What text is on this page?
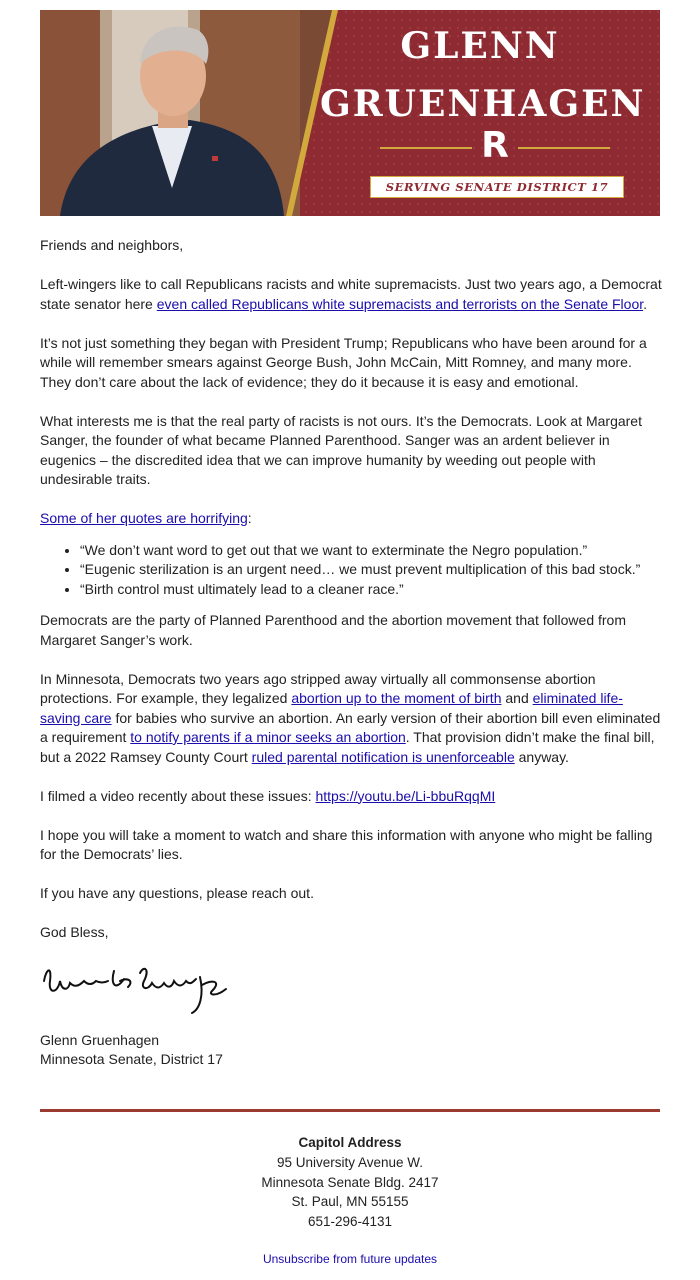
GLENN
GRUENHAGEN
R
SERVING SENATE DISTRICT 17

Friends and neighbors,

Left-wingers like to call Republicans racists and white supremacists. Just two years ago, a Democrat state senator here even called Republicans white supremacists and terrorists on the Senate Floor.

It’s not just something they began with President Trump; Republicans who have been around for a while will remember smears against George Bush, John McCain, Mitt Romney, and many more. They don’t care about the lack of evidence; they do it because it is easy and emotional.

What interests me is that the real party of racists is not ours. It’s the Democrats. Look at Margaret Sanger, the founder of what became Planned Parenthood. Sanger was an ardent believer in eugenics – the discredited idea that we can improve humanity by weeding out people with undesirable traits.

Some of her quotes are horrifying:

• “We don’t want word to get out that we want to exterminate the Negro population.”
• “Eugenic sterilization is an urgent need… we must prevent multiplication of this bad stock.”
• “Birth control must ultimately lead to a cleaner race.”

Democrats are the party of Planned Parenthood and the abortion movement that followed from Margaret Sanger’s work.

In Minnesota, Democrats two years ago stripped away virtually all commonsense abortion protections. For example, they legalized abortion up to the moment of birth and eliminated life-saving care for babies who survive an abortion. An early version of their abortion bill even eliminated a requirement to notify parents if a minor seeks an abortion. That provision didn’t make the final bill, but a 2022 Ramsey County Court ruled parental notification is unenforceable anyway.

I filmed a video recently about these issues: https://youtu.be/Li-bbuRqqMI

I hope you will take a moment to watch and share this information with anyone who might be falling for the Democrats’ lies.

If you have any questions, please reach out.

God Bless,

Glenn Gruenhagen

Minnesota Senate, District 17

Capitol Address
95 University Avenue W.
Minnesota Senate Bldg. 2417
St. Paul, MN 55155
651-296-4131
Unsubscribe from future updates
